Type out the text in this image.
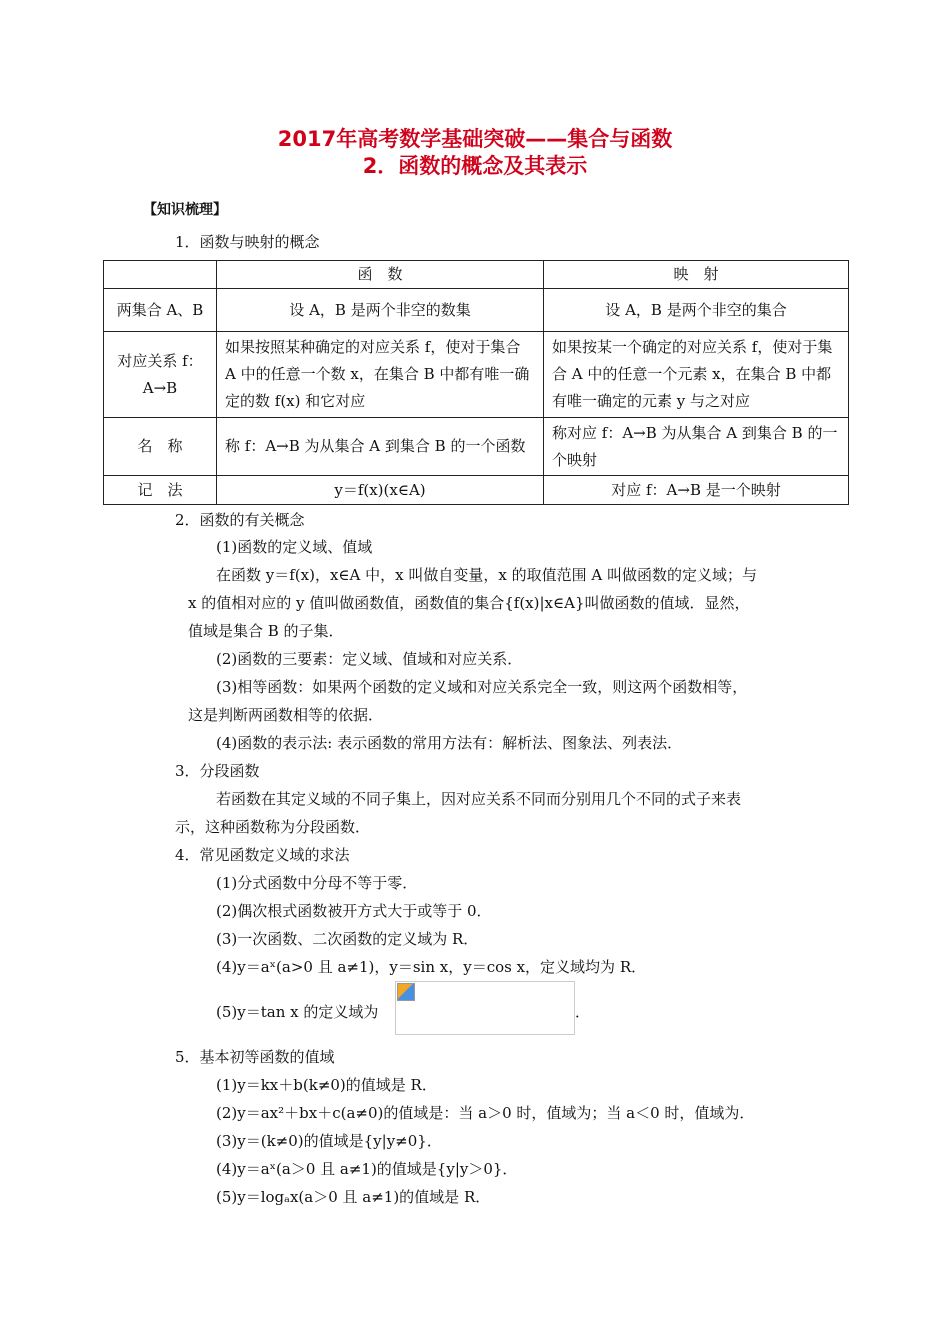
2017年高考数学基础突破——集合与函数
2．函数的概念及其表示
【知识梳理】
1．函数与映射的概念
	函　数	映　射
两集合 A、B	设 A，B 是两个非空的数集	设 A，B 是两个非空的集合
对应关系 f：A→B	如果按照某种确定的对应关系 f，使对于集合 A 中的任意一个数 x，在集合 B 中都有唯一确定的数 f(x) 和它对应	如果按某一个确定的对应关系 f，使对于集合 A 中的任意一个元素 x，在集合 B 中都有唯一确定的元素 y 与之对应
名　称	称 f：A→B 为从集合 A 到集合 B 的一个函数	称对应 f：A→B 为从集合 A 到集合 B 的一个映射
记　法	y＝f(x)(x∈A)	对应 f：A→B 是一个映射
2．函数的有关概念
(1)函数的定义域、值域
在函数 y＝f(x)，x∈A 中，x 叫做自变量，x 的取值范围 A 叫做函数的定义域；与
x 的值相对应的 y 值叫做函数值，函数值的集合{f(x)|x∈A}叫做函数的值域．显然，
值域是集合 B 的子集．
(2)函数的三要素：定义域、值域和对应关系．
(3)相等函数：如果两个函数的定义域和对应关系完全一致，则这两个函数相等，
这是判断两函数相等的依据．
(4)函数的表示法: 表示函数的常用方法有：解析法、图象法、列表法．
3．分段函数
若函数在其定义域的不同子集上，因对应关系不同而分别用几个不同的式子来表
示，这种函数称为分段函数．
4．常见函数定义域的求法
(1)分式函数中分母不等于零．
(2)偶次根式函数被开方式大于或等于 0．
(3)一次函数、二次函数的定义域为 R．
(4)y＝aˣ(a>0 且 a≠1)，y＝sin x，y＝cos x，定义域均为 R．
(5)y＝tan x 的定义域为	．
5．基本初等函数的值域
(1)y＝kx＋b(k≠0)的值域是 R．
(2)y＝ax²＋bx＋c(a≠0)的值域是：当 a＞0 时，值域为；当 a＜0 时，值域为．
(3)y＝(k≠0)的值域是{y|y≠0}．
(4)y＝aˣ(a＞0 且 a≠1)的值域是{y|y＞0}．
(5)y＝logₐx(a＞0 且 a≠1)的值域是 R．
